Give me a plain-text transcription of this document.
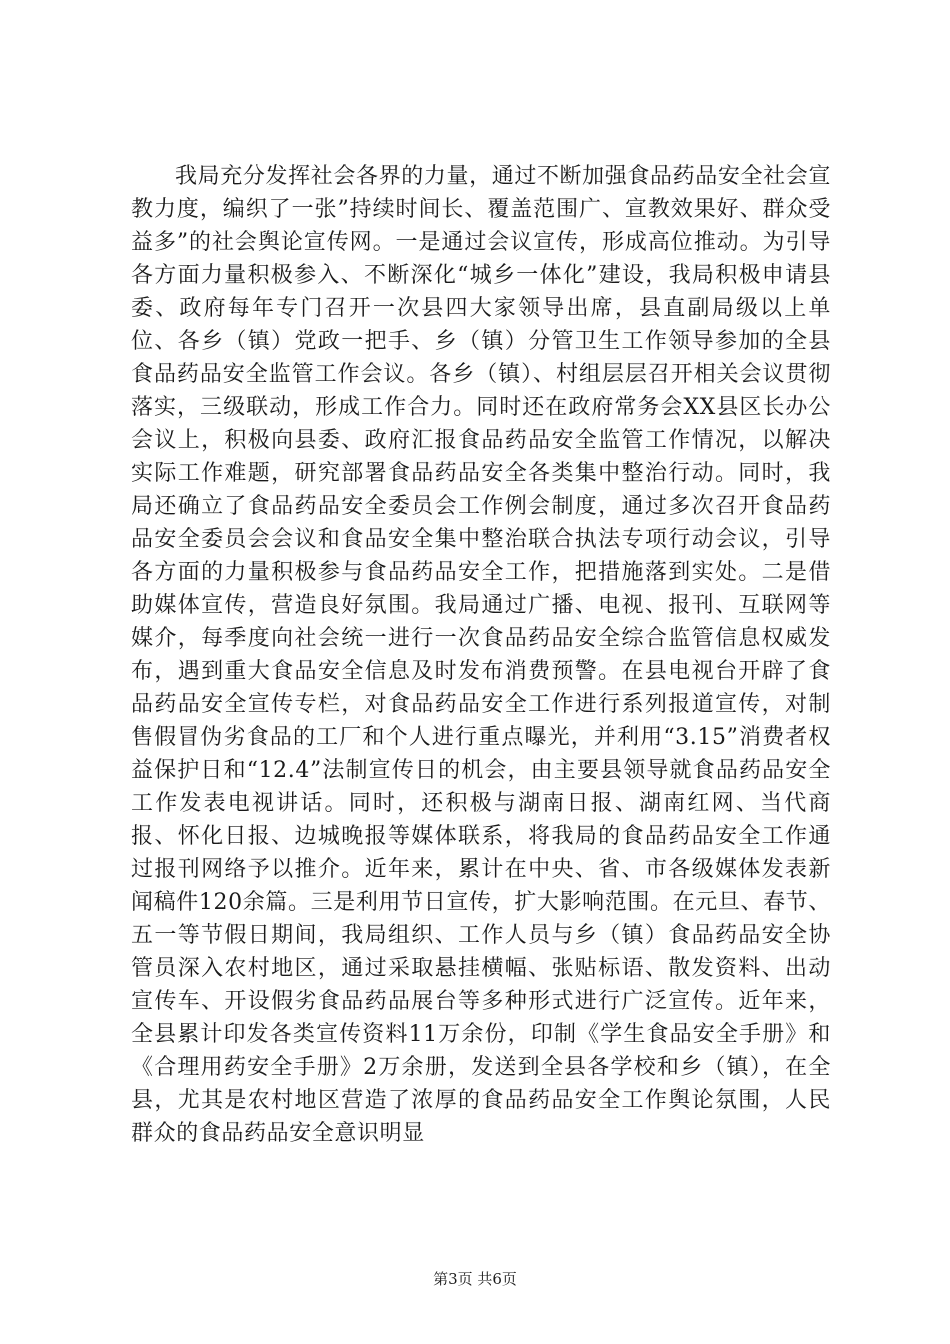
我局充分发挥社会各界的力量，通过不断加强食品药品安全社会宣教力度，编织了一张”持续时间长、覆盖范围广、宣教效果好、群众受益多”的社会舆论宣传网。一是通过会议宣传，形成高位推动。为引导各方面力量积极参入、不断深化“城乡一体化”建设，我局积极申请县委、政府每年专门召开一次县四大家领导出席，县直副局级以上单位、各乡（镇）党政一把手、乡（镇）分管卫生工作领导参加的全县食品药品安全监管工作会议。各乡（镇）、村组层层召开相关会议贯彻落实，三级联动，形成工作合力。同时还在政府常务会XX县区长办公会议上，积极向县委、政府汇报食品药品安全监管工作情况，以解决实际工作难题，研究部署食品药品安全各类集中整治行动。同时，我局还确立了食品药品安全委员会工作例会制度，通过多次召开食品药品安全委员会会议和食品安全集中整治联合执法专项行动会议，引导各方面的力量积极参与食品药品安全工作，把措施落到实处。二是借助媒体宣传，营造良好氛围。我局通过广播、电视、报刊、互联网等媒介，每季度向社会统一进行一次食品药品安全综合监管信息权威发布，遇到重大食品安全信息及时发布消费预警。在县电视台开辟了食品药品安全宣传专栏，对食品药品安全工作进行系列报道宣传，对制售假冒伪劣食品的工厂和个人进行重点曝光，并利用“3.15”消费者权益保护日和“12.4”法制宣传日的机会，由主要县领导就食品药品安全工作发表电视讲话。同时，还积极与湖南日报、湖南红网、当代商报、怀化日报、边城晚报等媒体联系，将我局的食品药品安全工作通过报刊网络予以推介。近年来，累计在中央、省、市各级媒体发表新闻稿件120余篇。三是利用节日宣传，扩大影响范围。在元旦、春节、五一等节假日期间，我局组织、工作人员与乡（镇）食品药品安全协管员深入农村地区，通过采取悬挂横幅、张贴标语、散发资料、出动宣传车、开设假劣食品药品展台等多种形式进行广泛宣传。近年来，全县累计印发各类宣传资料11万余份，印制《学生食品安全手册》和《合理用药安全手册》2万余册，发送到全县各学校和乡（镇），在全县，尤其是农村地区营造了浓厚的食品药品安全工作舆论氛围，人民群众的食品药品安全意识明显

第3页 共6页
